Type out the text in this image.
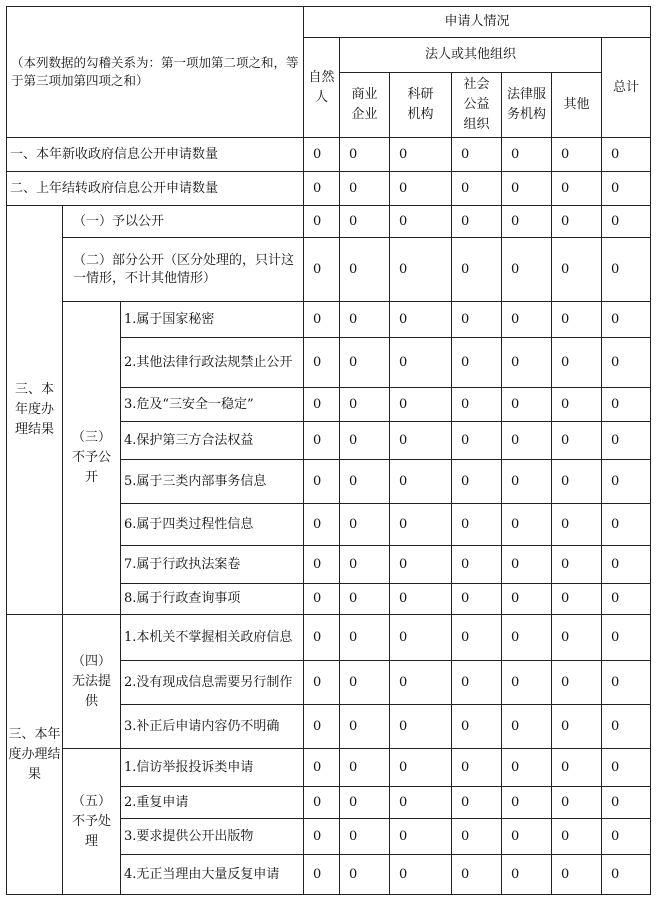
（本列数据的勾稽关系为：第一项加第二项之和，等于第三项加第四项之和）			申请人情况						
			自然人	法人或其他组织					总计
				商业企业	科研机构	社会公益组织	法律服务机构	其他	
一、本年新收政府信息公开申请数量			0	0	0	0	0	0	0
二、上年结转政府信息公开申请数量			0	0	0	0	0	0	0
三、本年度办理结果	（一）予以公开		0	0	0	0	0	0	0
	（二）部分公开（区分处理的，只计这一情形，不计其他情形）		0	0	0	0	0	0	0
	（三）不予公开	1.属于国家秘密	0	0	0	0	0	0	0
		2.其他法律行政法规禁止公开	0	0	0	0	0	0	0
		3.危及“三安全一稳定”	0	0	0	0	0	0	0
		4.保护第三方合法权益	0	0	0	0	0	0	0
		5.属于三类内部事务信息	0	0	0	0	0	0	0
		6.属于四类过程性信息	0	0	0	0	0	0	0
		7.属于行政执法案卷	0	0	0	0	0	0	0
		8.属于行政查询事项	0	0	0	0	0	0	0
三、本年度办理结果	（四）无法提供	1.本机关不掌握相关政府信息	0	0	0	0	0	0	0
		2.没有现成信息需要另行制作	0	0	0	0	0	0	0
		3.补正后申请内容仍不明确	0	0	0	0	0	0	0
	（五）不予处理	1.信访举报投诉类申请	0	0	0	0	0	0	0
		2.重复申请	0	0	0	0	0	0	0
		3.要求提供公开出版物	0	0	0	0	0	0	0
		4.无正当理由大量反复申请	0	0	0	0	0	0	0
